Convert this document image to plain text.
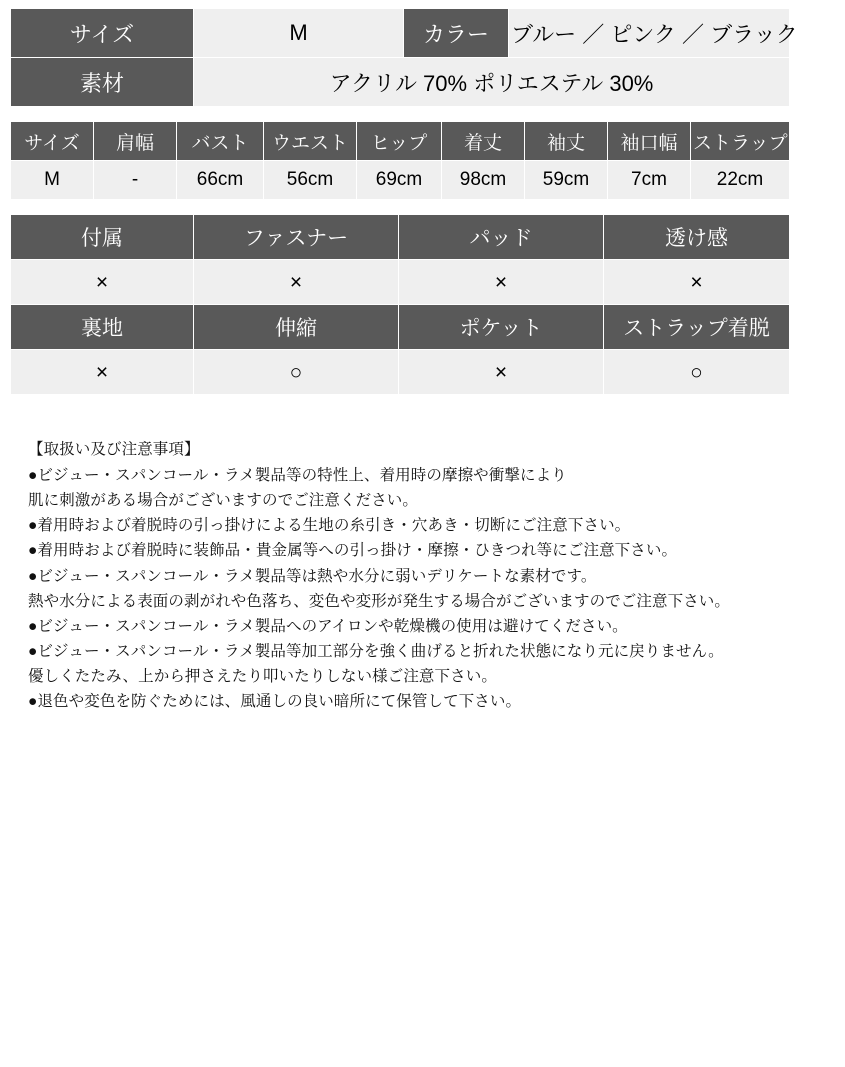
サイズ	M	カラー	ブルー ／ ピンク ／ ブラック
素材	アクリル 70% ポリエステル 30%		
サイズ	肩幅	バスト	ウエスト	ヒップ	着丈	袖丈	袖口幅	ストラップの長さ
M	-	66cm	56cm	69cm	98cm	59cm	7cm	22cm
付属	ファスナー	パッド	透け感
×	×	×	×
裏地	伸縮	ポケット	ストラップ着脱
×	○	×	○

【取扱い及び注意事項】

●ビジュー・スパンコール・ラメ製品等の特性上、着用時の摩擦や衝撃により

肌に刺激がある場合がございますのでご注意ください。

●着用時および着脱時の引っ掛けによる生地の糸引き・穴あき・切断にご注意下さい。

●着用時および着脱時に装飾品・貴金属等への引っ掛け・摩擦・ひきつれ等にご注意下さい。

●ビジュー・スパンコール・ラメ製品等は熱や水分に弱いデリケートな素材です。

熱や水分による表面の剥がれや色落ち、変色や変形が発生する場合がございますのでご注意下さい。

●ビジュー・スパンコール・ラメ製品へのアイロンや乾燥機の使用は避けてください。

●ビジュー・スパンコール・ラメ製品等加工部分を強く曲げると折れた状態になり元に戻りません。

優しくたたみ、上から押さえたり叩いたりしない様ご注意下さい。

●退色や変色を防ぐためには、風通しの良い暗所にて保管して下さい。
